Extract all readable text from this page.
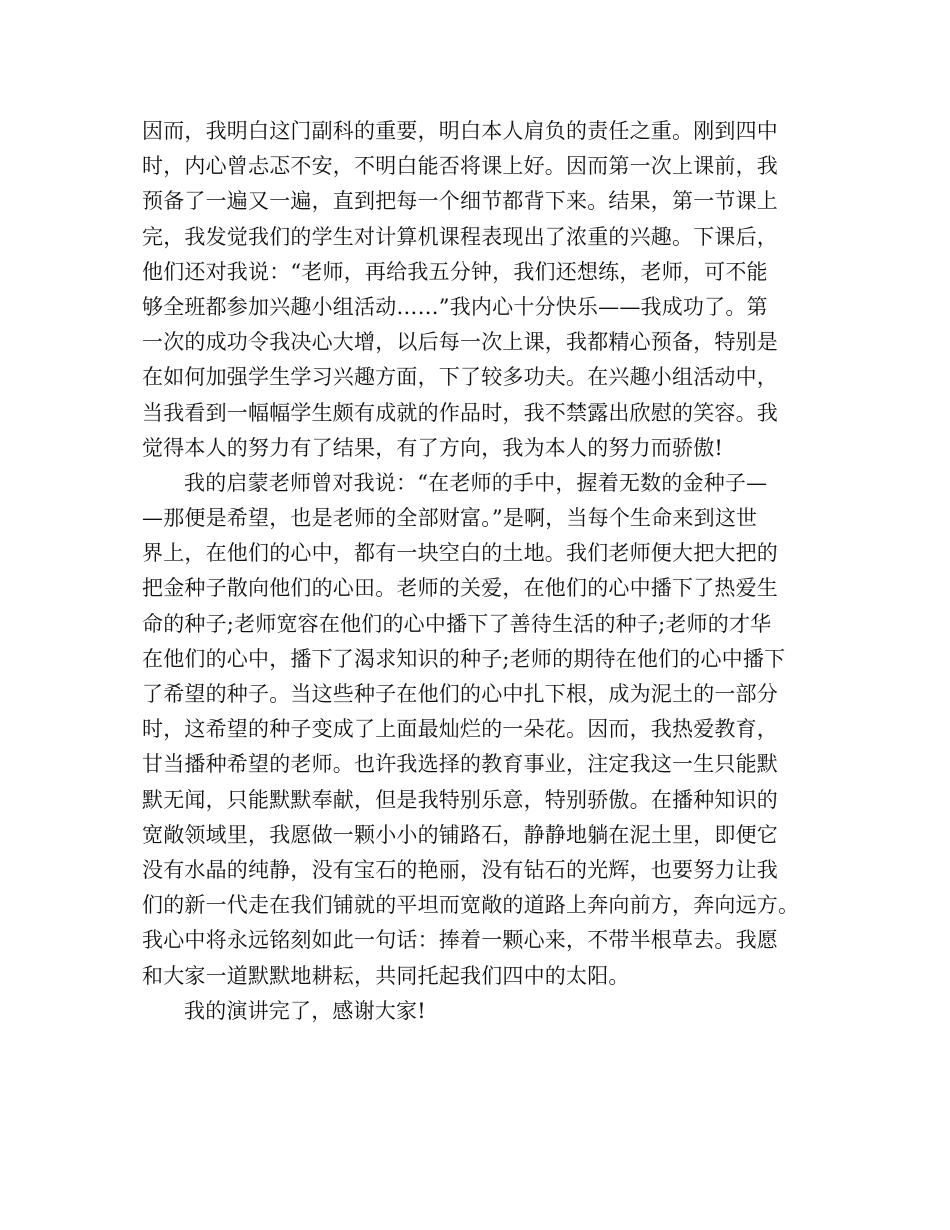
因而，我明白这门副科的重要，明白本人肩负的责任之重。刚到四中
时，内心曾忐忑不安，不明白能否将课上好。因而第一次上课前，我
预备了一遍又一遍，直到把每一个细节都背下来。结果，第一节课上
完，我发觉我们的学生对计算机课程表现出了浓重的兴趣。下课后，
他们还对我说：“老师，再给我五分钟，我们还想练，老师，可不能
够全班都参加兴趣小组活动……”我内心十分快乐——我成功了。第
一次的成功令我决心大增，以后每一次上课，我都精心预备，特别是
在如何加强学生学习兴趣方面，下了较多功夫。在兴趣小组活动中，
当我看到一幅幅学生颇有成就的作品时，我不禁露出欣慰的笑容。我
觉得本人的努力有了结果，有了方向，我为本人的努力而骄傲!
我的启蒙老师曾对我说：“在老师的手中，握着无数的金种子—
—那便是希望，也是老师的全部财富。”是啊，当每个生命来到这世
界上，在他们的心中，都有一块空白的土地。我们老师便大把大把的
把金种子散向他们的心田。老师的关爱，在他们的心中播下了热爱生
命的种子;老师宽容在他们的心中播下了善待生活的种子;老师的才华
在他们的心中，播下了渴求知识的种子;老师的期待在他们的心中播下
了希望的种子。当这些种子在他们的心中扎下根，成为泥土的一部分
时，这希望的种子变成了上面最灿烂的一朵花。因而，我热爱教育，
甘当播种希望的老师。也许我选择的教育事业，注定我这一生只能默
默无闻，只能默默奉献，但是我特别乐意，特别骄傲。在播种知识的
宽敞领域里，我愿做一颗小小的铺路石，静静地躺在泥土里，即便它
没有水晶的纯静，没有宝石的艳丽，没有钻石的光辉，也要努力让我
们的新一代走在我们铺就的平坦而宽敞的道路上奔向前方，奔向远方。
我心中将永远铭刻如此一句话：捧着一颗心来，不带半根草去。我愿
和大家一道默默地耕耘，共同托起我们四中的太阳。
我的演讲完了，感谢大家!
